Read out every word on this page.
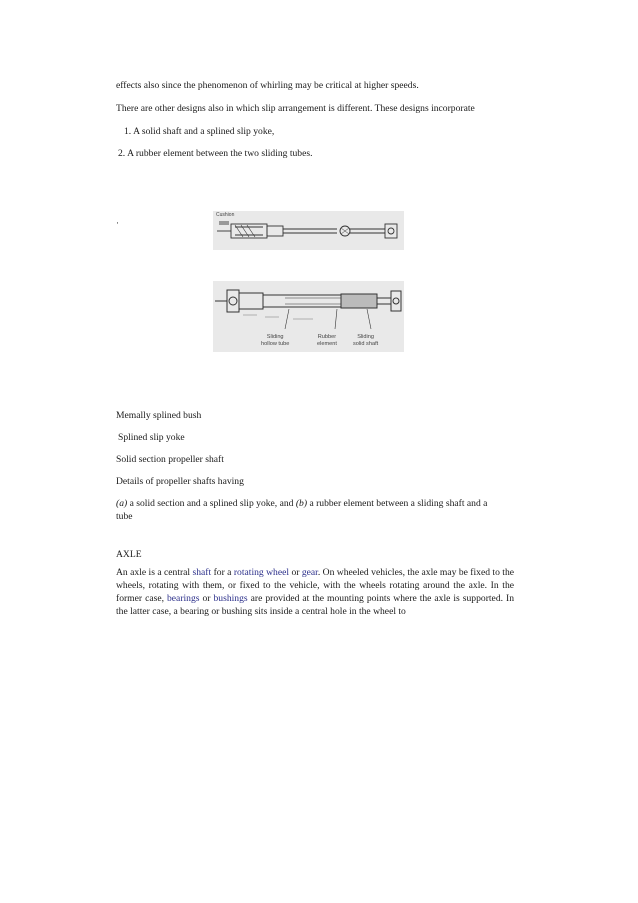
effects also since the phenomenon of whirling may be critical at higher speeds.
There are other designs also in which slip arrangement is different. These designs incorporate
1. A solid shaft and a splined slip yoke,
2. A rubber element between the two sliding tubes.
·
Cushion
Sliding
hollow tube
Rubber
element
Sliding
solid shaft
Memally splined bush
Splined slip yoke
Solid section propeller shaft
Details of propeller shafts having
(a) a solid section and a splined slip yoke, and (b) a rubber element between a sliding shaft and a
tube
AXLE
An axle is a central shaft for a rotating wheel or gear. On wheeled vehicles, the axle may be fixed to the wheels, rotating with them, or fixed to the vehicle, with the wheels rotating around the axle. In the former case, bearings or bushings are provided at the mounting points where the axle is supported. In the latter case, a bearing or bushing sits inside a central hole in the wheel to
